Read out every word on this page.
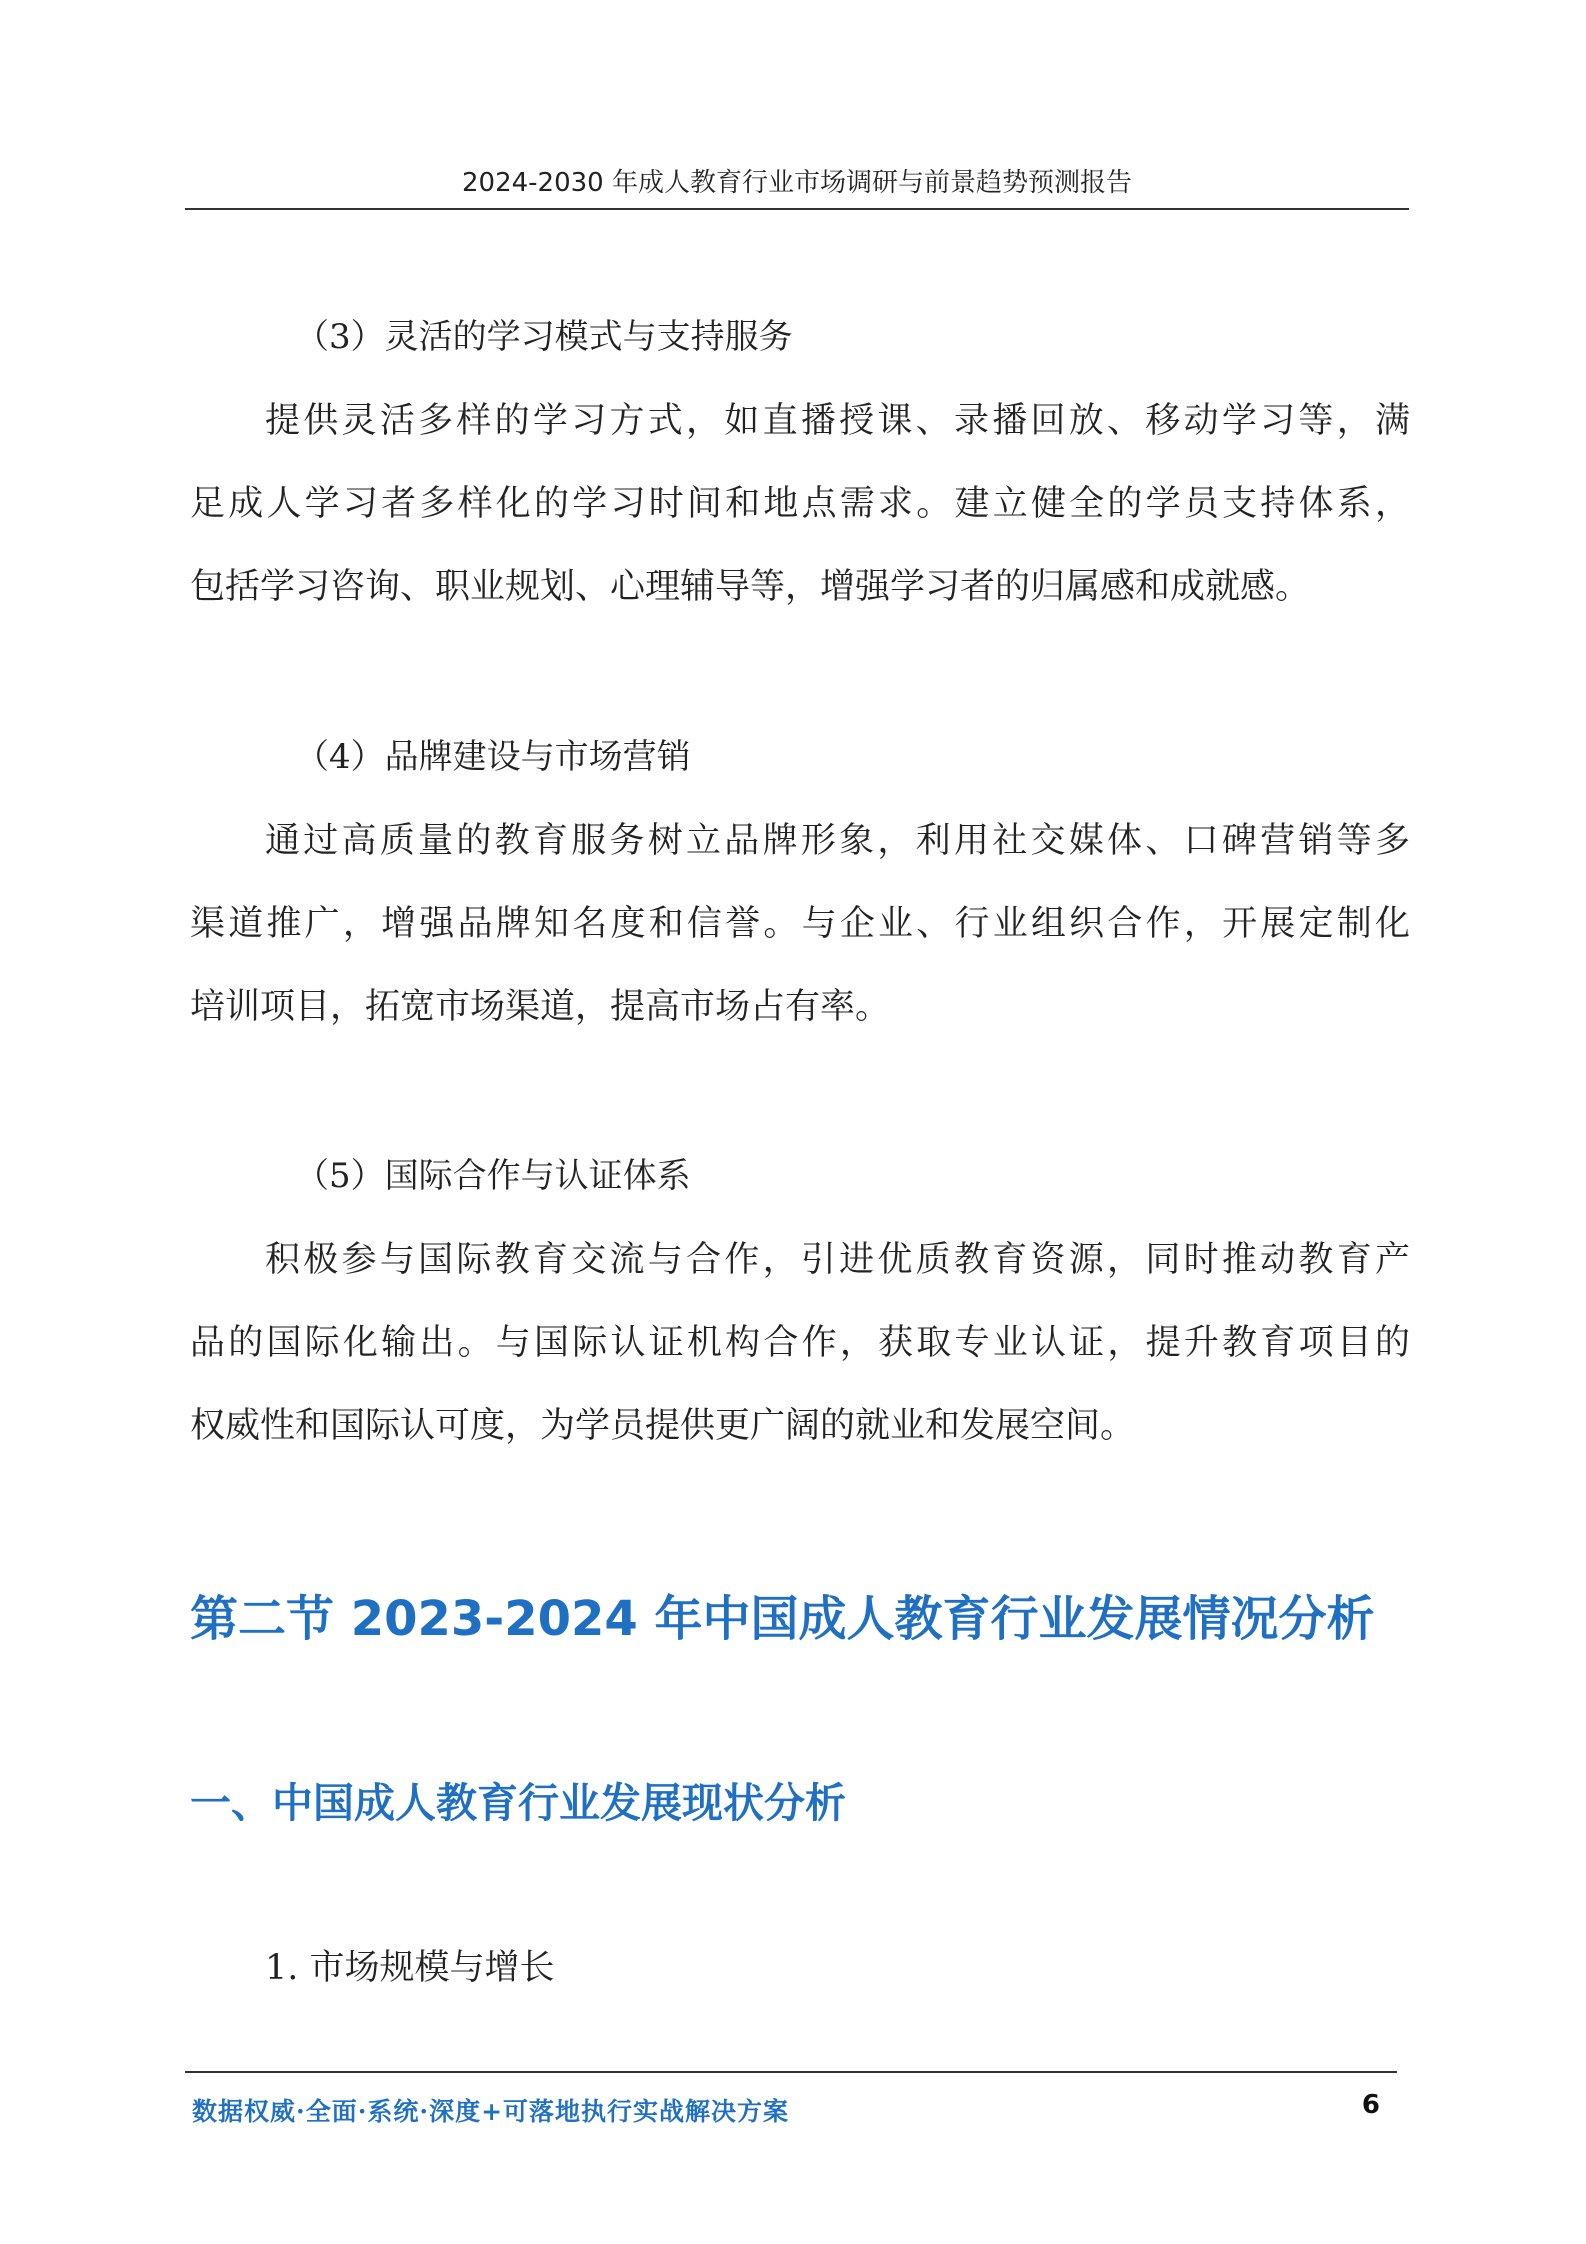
2024-2030 年成人教育行业市场调研与前景趋势预测报告
（3）灵活的学习模式与支持服务

提供灵活多样的学习方式，如直播授课、录播回放、移动学习等，满
足成人学习者多样化的学习时间和地点需求。建立健全的学员支持体系，
包括学习咨询、职业规划、心理辅导等，增强学习者的归属感和成就感。

（4）品牌建设与市场营销

通过高质量的教育服务树立品牌形象，利用社交媒体、口碑营销等多
渠道推广，增强品牌知名度和信誉。与企业、行业组织合作，开展定制化
培训项目，拓宽市场渠道，提高市场占有率。

（5）国际合作与认证体系

积极参与国际教育交流与合作，引进优质教育资源，同时推动教育产
品的国际化输出。与国际认证机构合作，获取专业认证，提升教育项目的
权威性和国际认可度，为学员提供更广阔的就业和发展空间。

第二节 2023-2024 年中国成人教育行业发展情况分析
一、中国成人教育行业发展现状分析
1. 市场规模与增长
数据权威·全面·系统·深度+可落地执行实战解决方案	6
